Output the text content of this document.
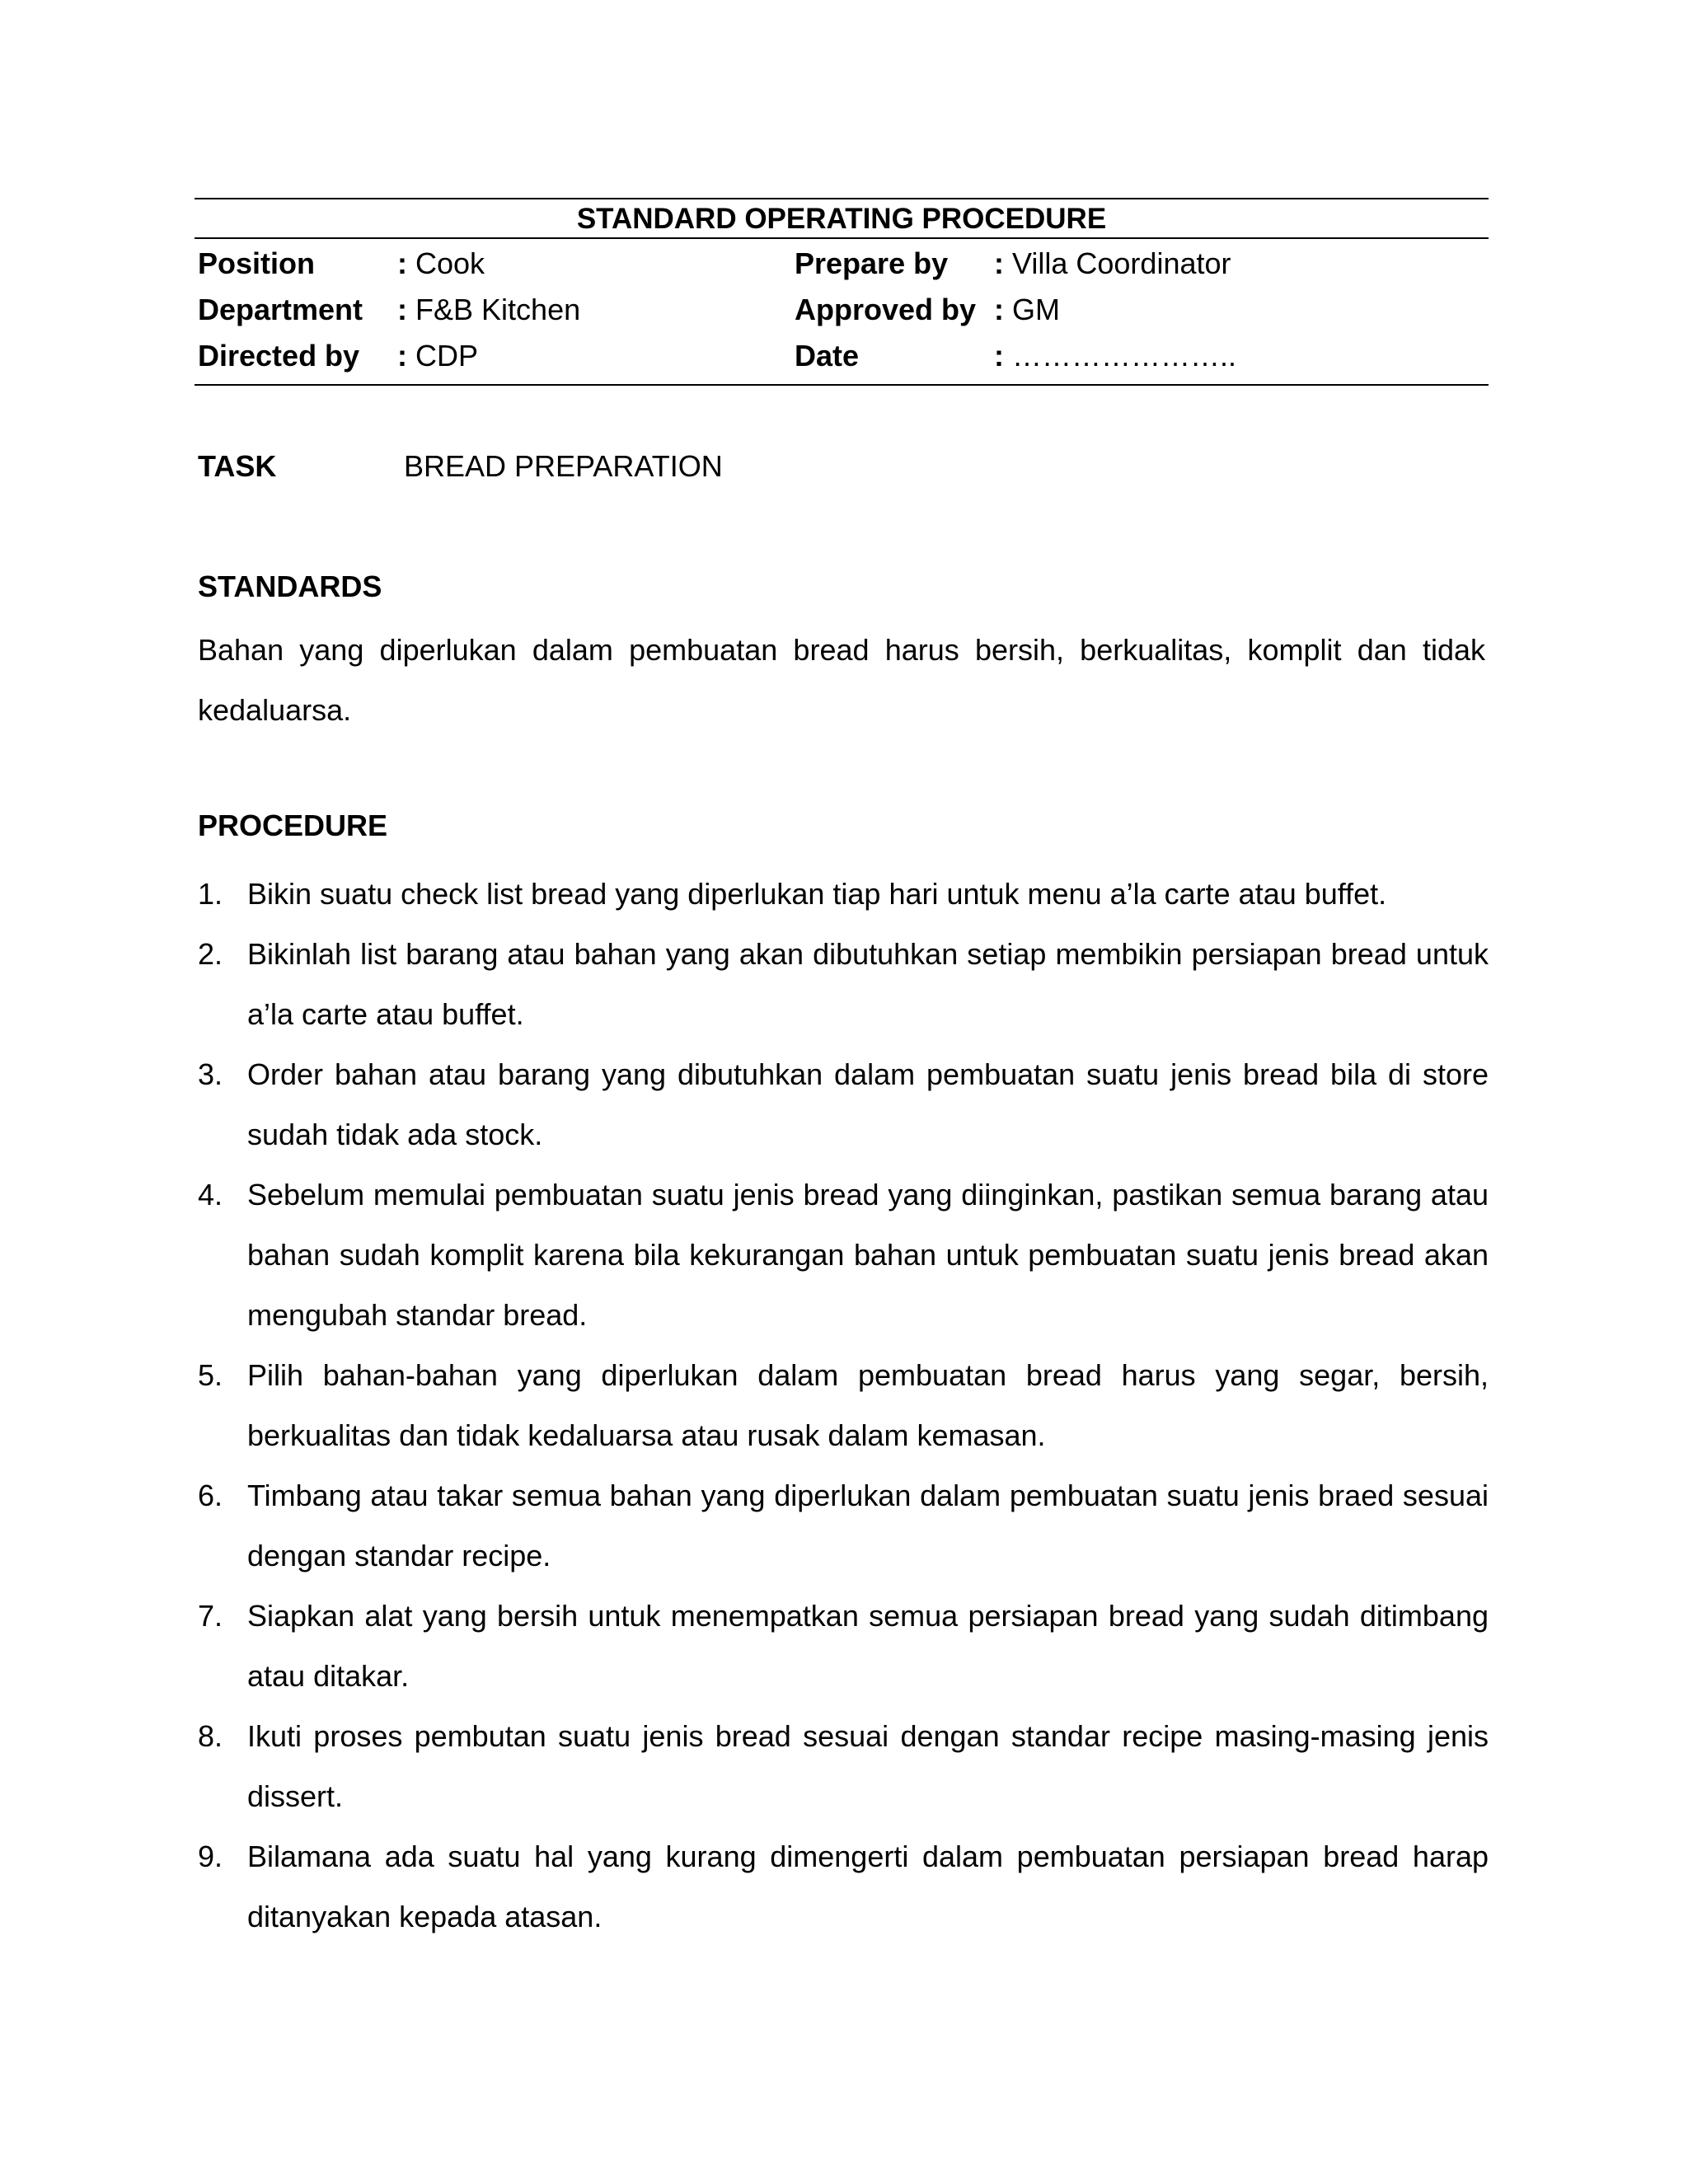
STANDARD OPERATING PROCEDURE
Position	: Cook	Prepare by : Villa Coordinator
Department : F&B Kitchen	Approved by : GM
Directed by : CDP	Date	: …………………..
TASK	BREAD PREPARATION
STANDARDS

Bahan yang diperlukan dalam pembuatan bread harus bersih, berkualitas, komplit dan tidak kedaluarsa.

PROCEDURE
1. Bikin suatu check list bread yang diperlukan tiap hari untuk menu a’la carte atau buffet.
2. Bikinlah list barang atau bahan yang akan dibutuhkan setiap membikin persiapan bread untuk a’la carte atau buffet.
3. Order bahan atau barang yang dibutuhkan dalam pembuatan suatu jenis bread bila di store sudah tidak ada stock.
4. Sebelum memulai pembuatan suatu jenis bread yang diinginkan, pastikan semua barang atau bahan sudah komplit karena bila kekurangan bahan untuk pembuatan suatu jenis bread akan mengubah standar bread.
5. Pilih bahan-bahan yang diperlukan dalam pembuatan bread harus yang segar, bersih, berkualitas dan tidak kedaluarsa atau rusak dalam kemasan.
6. Timbang atau takar semua bahan yang diperlukan dalam pembuatan suatu jenis braed sesuai dengan standar recipe.
7. Siapkan alat yang bersih untuk menempatkan semua persiapan bread yang sudah ditimbang atau ditakar.
8. Ikuti proses pembutan suatu jenis bread sesuai dengan standar recipe masing-masing jenis dissert.
9. Bilamana ada suatu hal yang kurang dimengerti dalam pembuatan persiapan bread harap ditanyakan kepada atasan.
